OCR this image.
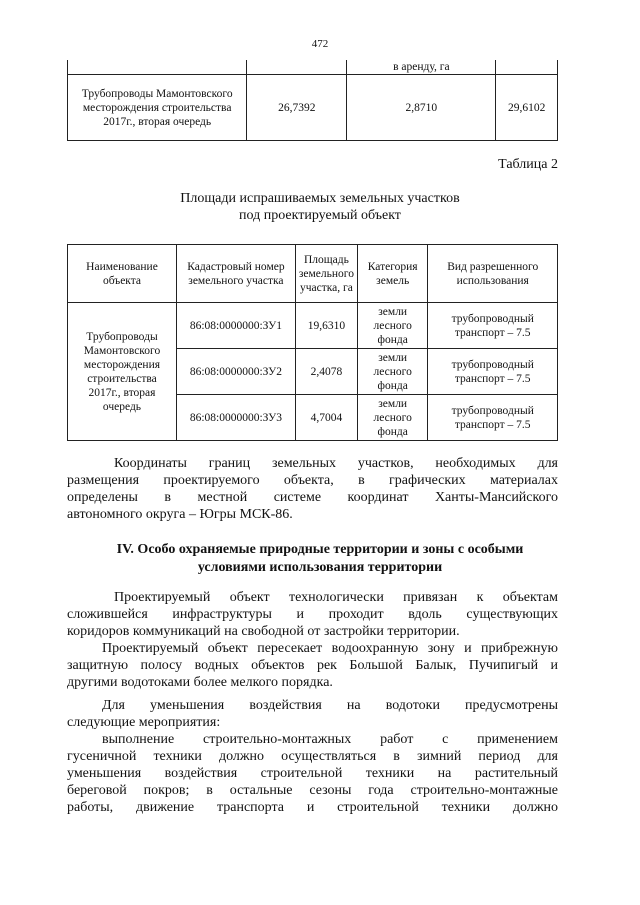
472
		в аренду, га	
Трубопроводы Мамонтовского месторождения строительства 2017г., вторая очередь	26,7392	2,8710	29,6102
Таблица 2
Площади испрашиваемых земельных участков
под проектируемый объект
Наименование объекта	Кадастровый номер земельного участка	Площадь земельного участка, га	Категория земель	Вид разрешенного использования
Трубопроводы Мамонтовского месторождения строительства 2017г., вторая очередь	86:08:0000000:ЗУ1	19,6310	земли лесного фонда	трубопроводный транспорт – 7.5
	86:08:0000000:ЗУ2	2,4078	земли лесного фонда	трубопроводный транспорт – 7.5
	86:08:0000000:ЗУ3	4,7004	земли лесного фонда	трубопроводный транспорт – 7.5
Координаты границ земельных участков, необходимых для
размещения проектируемого объекта, в графических материалах
определены в местной системе координат Ханты-Мансийского
автономного округа – Югры МСК-86.
IV. Особо охраняемые природные территории и зоны с особыми
условиями использования территории
Проектируемый объект технологически привязан к объектам
сложившейся инфраструктуры и проходит вдоль существующих
коридоров коммуникаций на свободной от застройки территории.
Проектируемый объект пересекает водоохранную зону и прибрежную
защитную полосу водных объектов рек Большой Балык, Пучипигый и
другими водотоками более мелкого порядка.
Для уменьшения воздействия на водотоки предусмотрены
следующие мероприятия:
выполнение строительно-монтажных работ с применением
гусеничной техники должно осуществляться в зимний период для
уменьшения воздействия строительной техники на растительный
береговой покров; в остальные сезоны года строительно-монтажные
работы, движение транспорта и строительной техники должно
